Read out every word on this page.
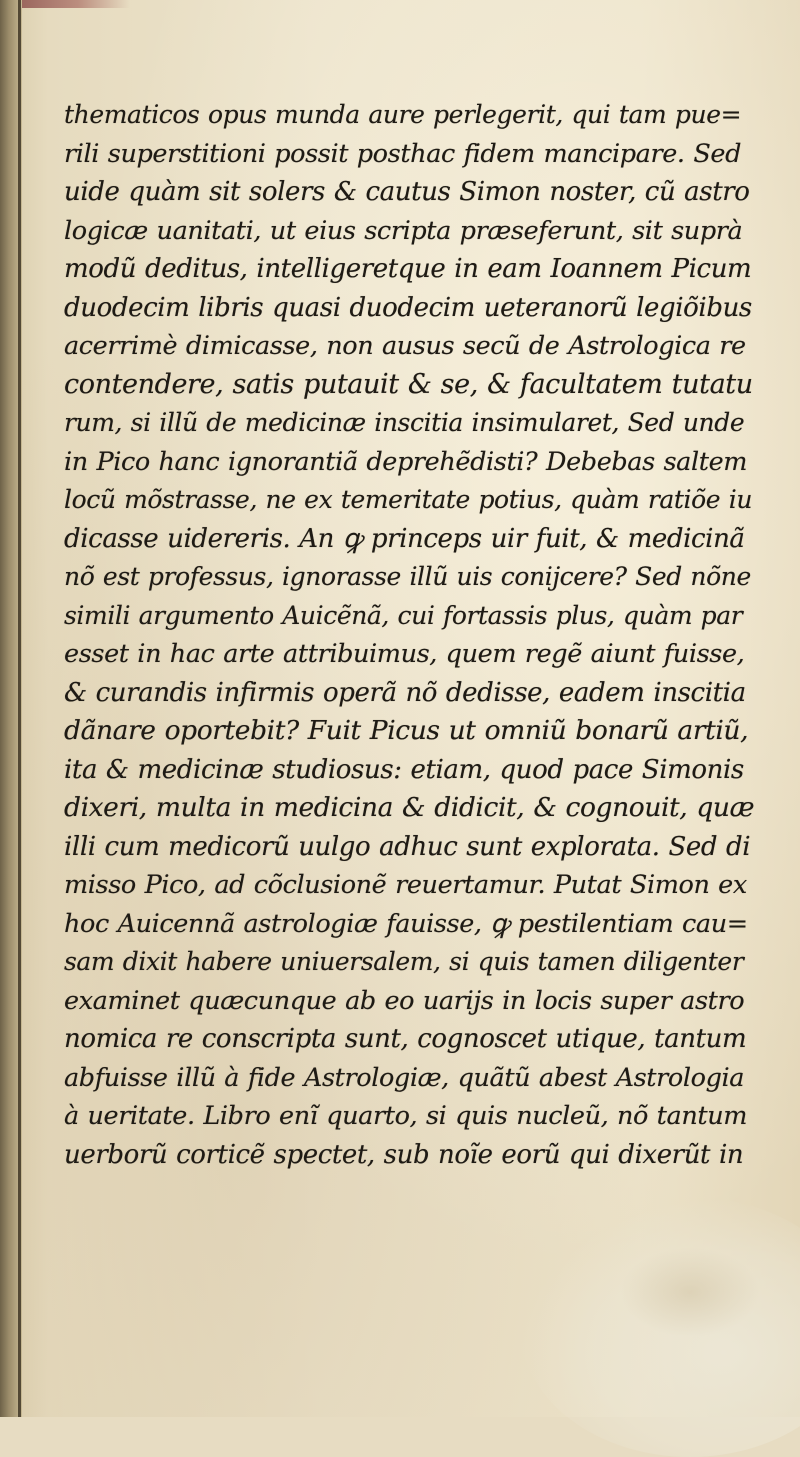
thematicos opus munda aure perlegerit, qui tam pue=
rili superstitioni possit posthac fidem mancipare. Sed
uide quàm sit solers & cautus Simon noster, cũ astro
logicæ uanitati, ut eius scripta præseferunt, sit suprà
modũ deditus, intelligeretque in eam Ioannem Picum
duodecim libris quasi duodecim ueteranorũ legiõibus
acerrimè dimicasse, non ausus secũ de Astrologica re
contendere, satis putauit & se, & facultatem tutatu
rum, si illũ de medicinæ inscitia insimularet, Sed unde
in Pico hanc ignorantiã deprehẽdisti? Debebas saltem
locũ mõstrasse, ne ex temeritate potius, quàm ratiõe iu
dicasse uidereris. An ꝙ princeps uir fuit, & medicinã
nõ est professus, ignorasse illũ uis conijcere? Sed nõne
simili argumento Auicẽnã, cui fortassis plus, quàm par
esset in hac arte attribuimus, quem regẽ aiunt fuisse,
& curandis infirmis operã nõ dedisse, eadem inscitia
dãnare oportebit? Fuit Picus ut omniũ bonarũ artiũ,
ita & medicinæ studiosus: etiam, quod pace Simonis
dixeri, multa in medicina & didicit, & cognouit, quæ
illi cum medicorũ uulgo adhuc sunt explorata. Sed di
misso Pico, ad cõclusionẽ reuertamur. Putat Simon ex
hoc Auicennã astrologiæ fauisse, ꝙ pestilentiam cau=
sam dixit habere uniuersalem, si quis tamen diligenter
examinet quæcunque ab eo uarijs in locis super astro
nomica re conscripta sunt, cognoscet utique, tantum
abfuisse illũ à fide Astrologiæ, quãtũ abest Astrologia
à ueritate. Libro enĩ quarto, si quis nucleũ, nõ tantum
uerborũ corticẽ spectet, sub noĩe eorũ qui dixerũt in
